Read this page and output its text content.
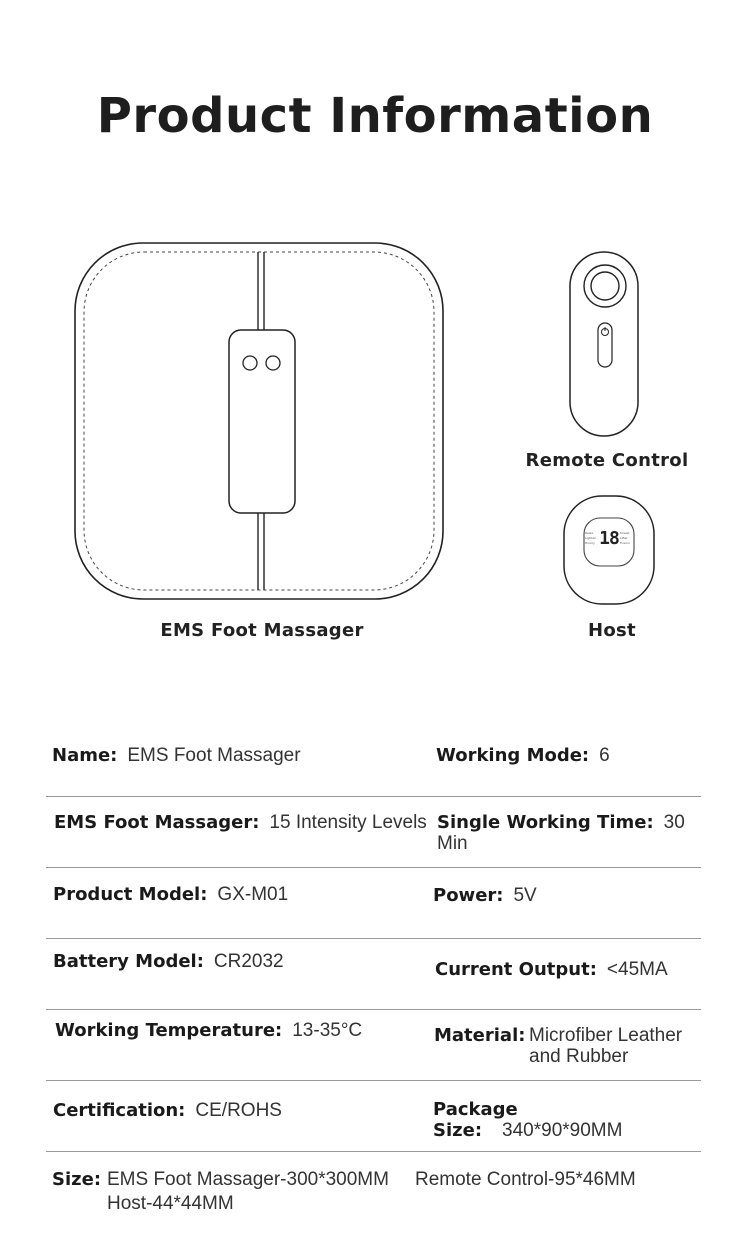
Product Information
18
Relax
Lighten
Hourly
Knead
Lifter
Fusion
EMS Foot Massager
Remote Control
Host
Name: EMS Foot Massager	Working Mode: 6
EMS Foot Massager: 15 Intensity Levels Single Working Time: 30 Min
Product Model: GX-M01	Power: 5V
Battery Model: CR2032	Current Output: <45MA
Working Temperature: 13-35°C	Material: Microfiber Leather
and Rubber
Certification: CE/ROHS	Package Size: 340*90*90MM
Size: EMS Foot Massager-300*300MM
Host-44*44MM
Remote Control-95*46MM
